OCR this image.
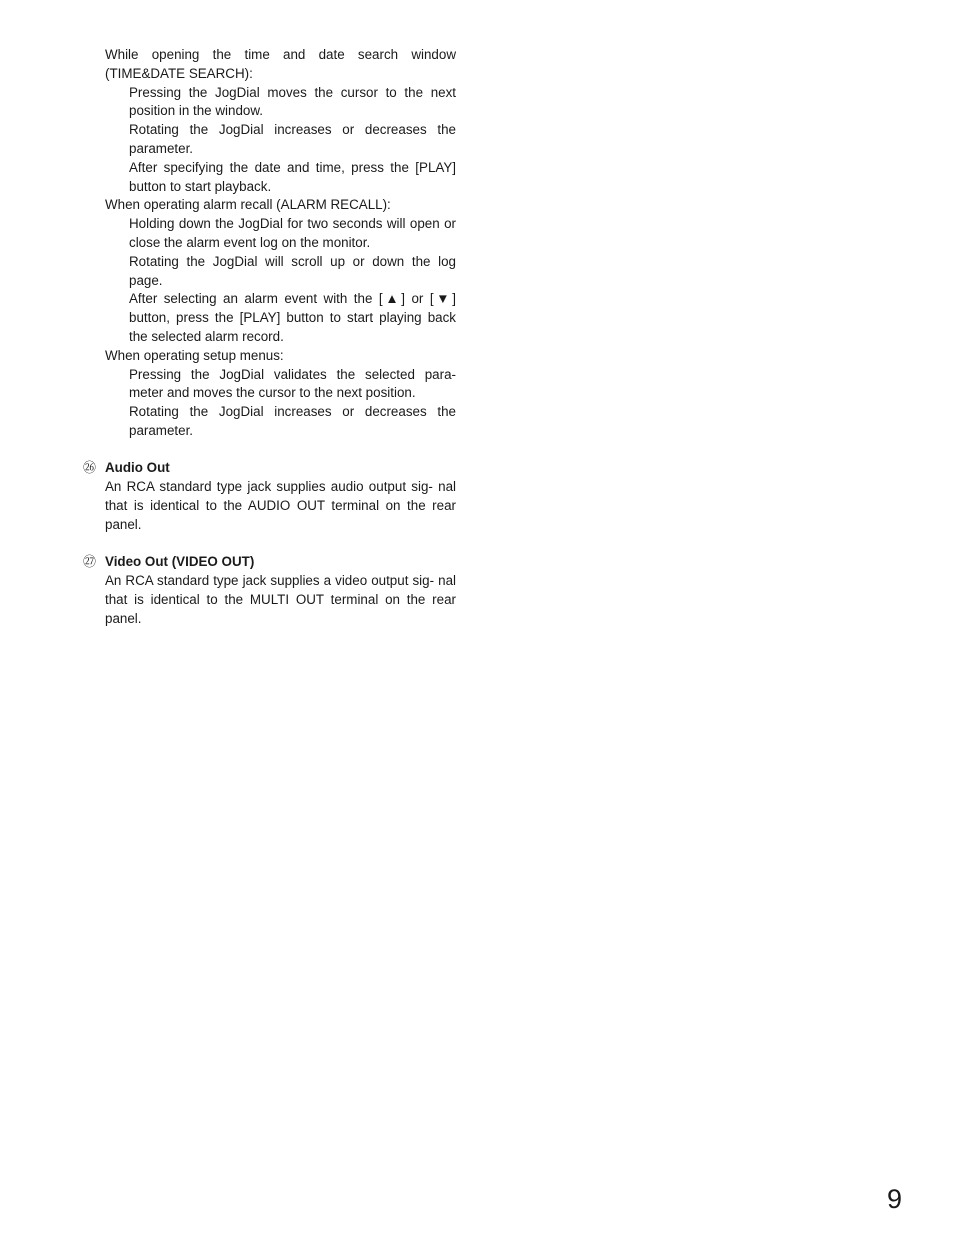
While opening the time and date search window (TIME&DATE SEARCH):

Pressing the JogDial moves the cursor to the next position in the window.

Rotating the JogDial increases or decreases the parameter.

After specifying the date and time, press the [PLAY] button to start playback.

When operating alarm recall (ALARM RECALL):

Holding down the JogDial for two seconds will open or close the alarm event log on the monitor.

Rotating the JogDial will scroll up or down the log page.

After selecting an alarm event with the [▲] or [▼] button, press the [PLAY] button to start playing back the selected alarm record.

When operating setup menus:

Pressing the JogDial validates the selected para- meter and moves the cursor to the next position.

Rotating the JogDial increases or decreases the parameter.

㉖ Audio Out

An RCA standard type jack supplies audio output sig- nal that is identical to the AUDIO OUT terminal on the rear panel.

㉗ Video Out (VIDEO OUT)

An RCA standard type jack supplies a video output sig- nal that is identical to the MULTI OUT terminal on the rear panel.

9
